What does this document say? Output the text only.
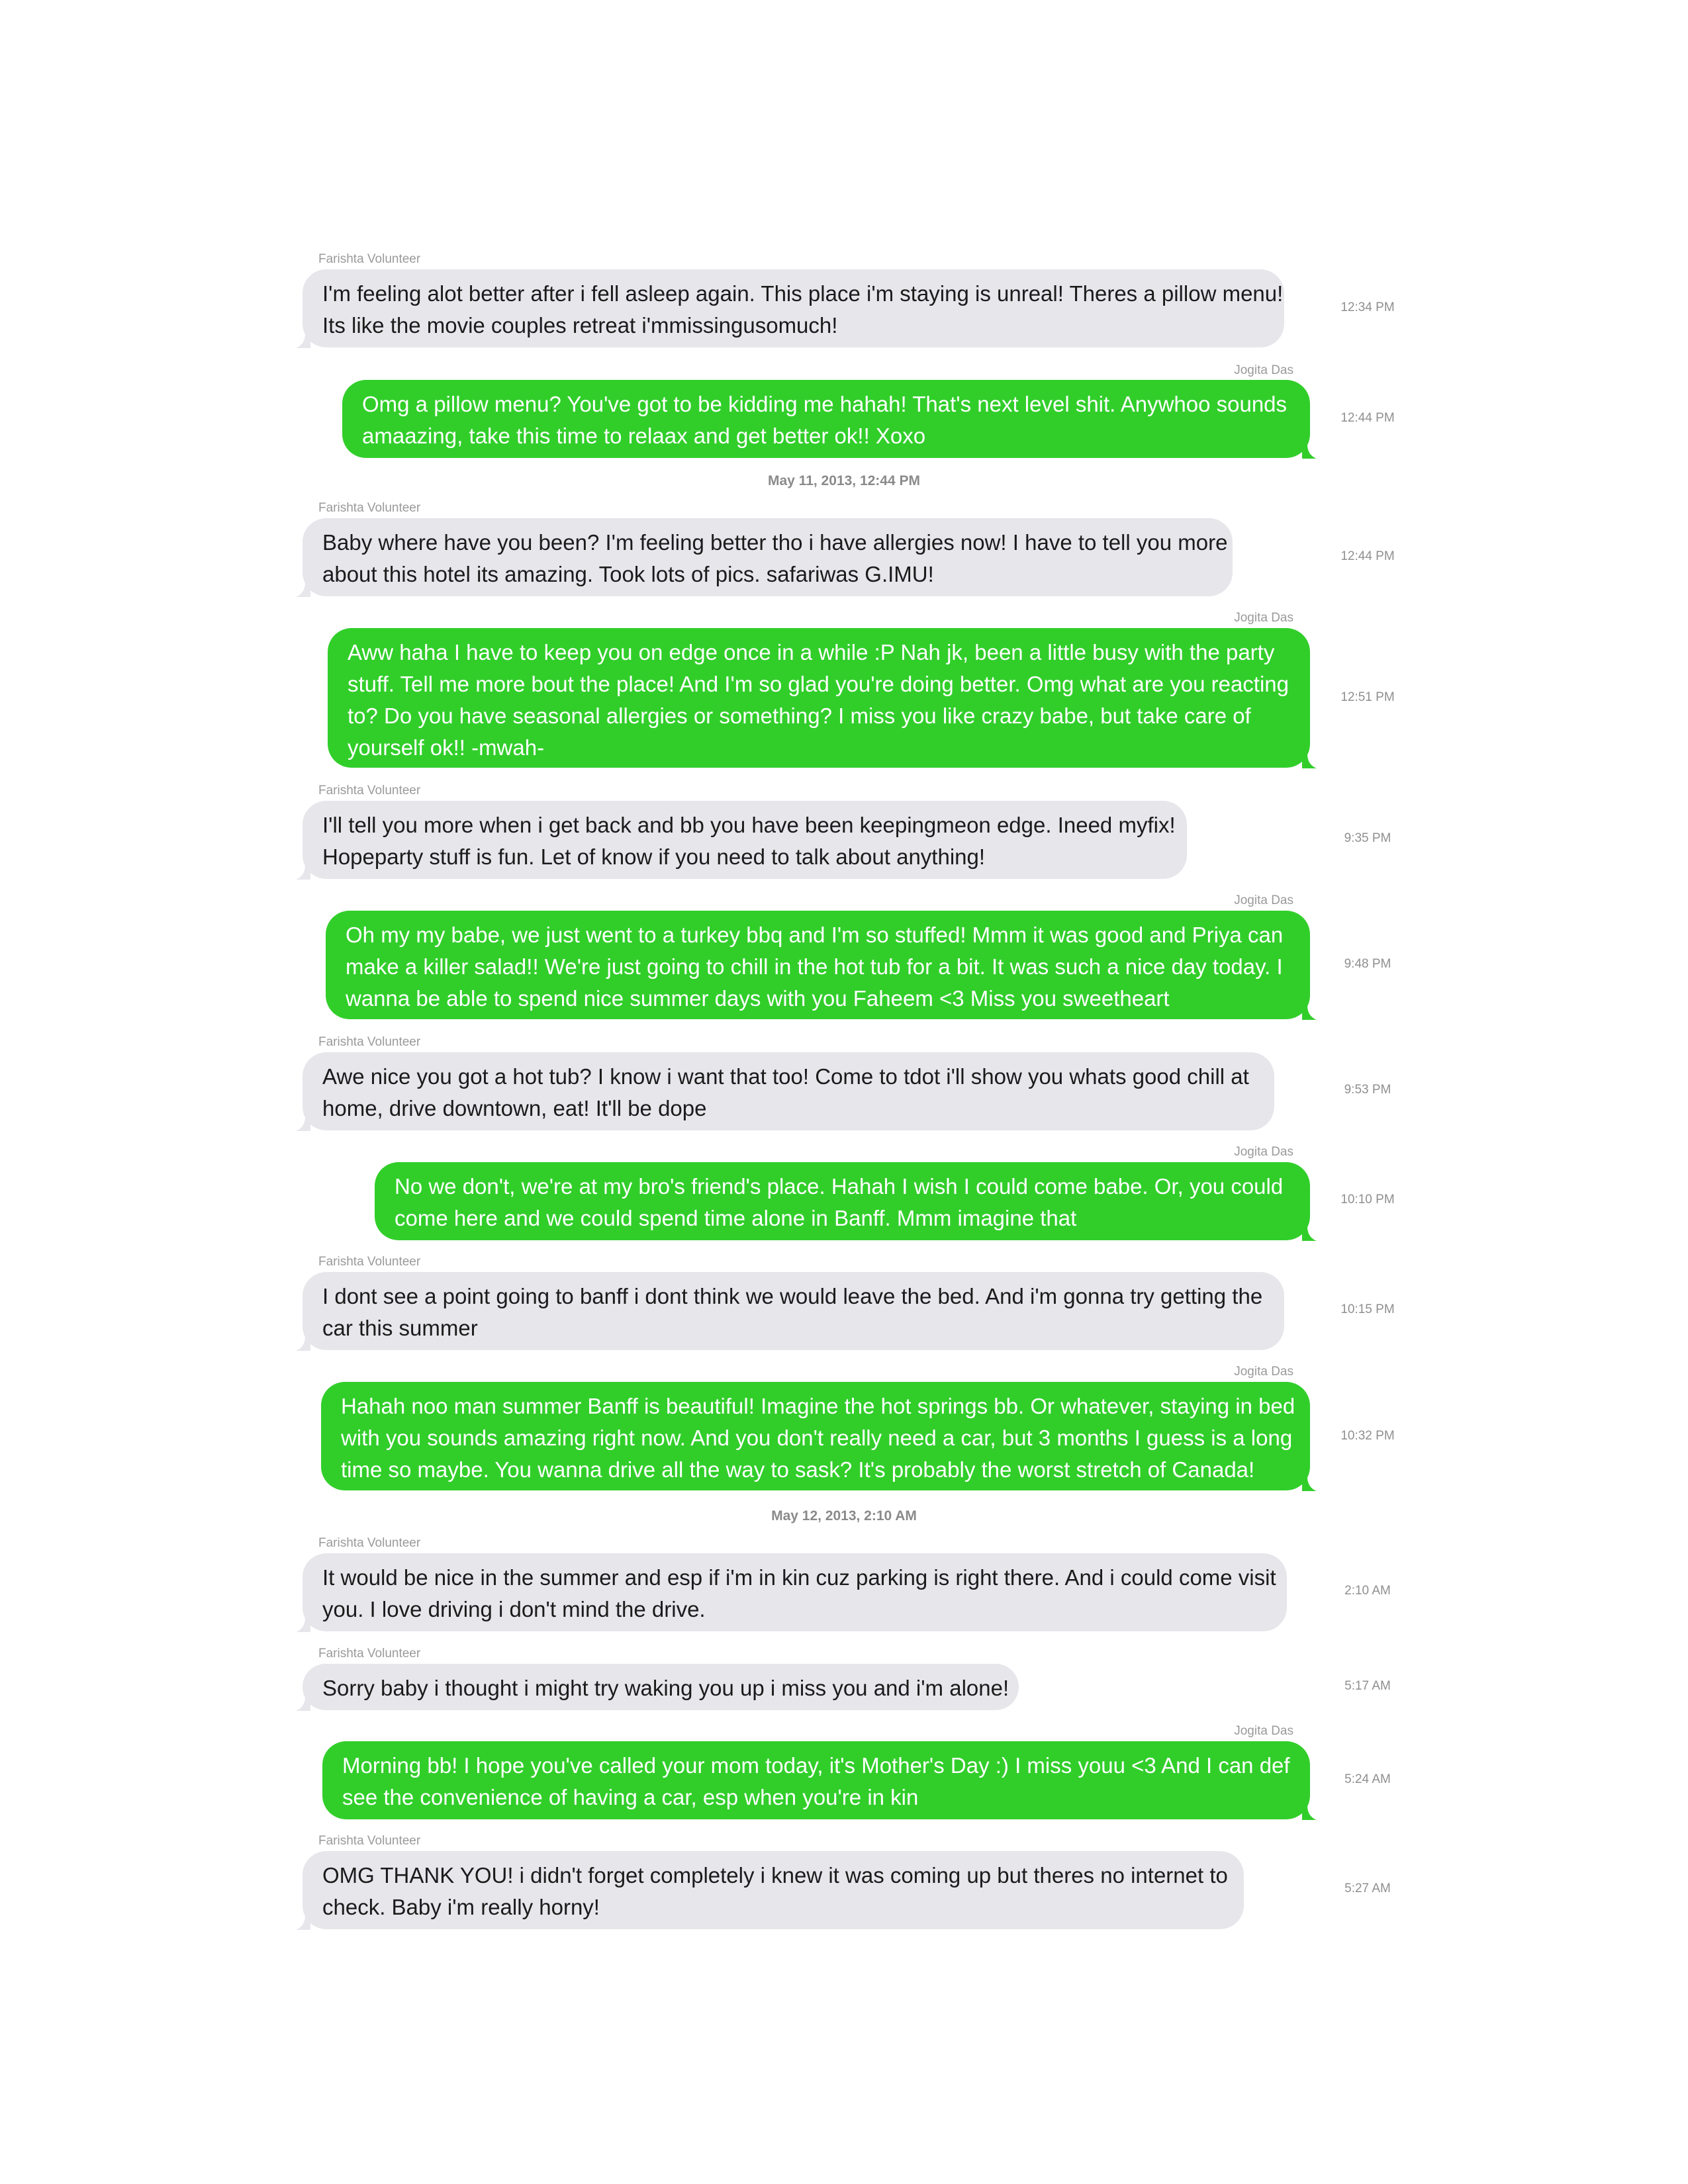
Farishta Volunteer
I'm feeling alot better after i fell asleep again. This place i'm staying is unreal! Theres a pillow menu!
Its like the movie couples retreat i'mmissingusomuch!
12:34 PM
Jogita Das
Omg a pillow menu? You've got to be kidding me hahah! That's next level shit. Anywhoo sounds
amaazing, take this time to relaax and get better ok!! Xoxo
12:44 PM
May 11, 2013, 12:44 PM
Farishta Volunteer
Baby where have you been? I'm feeling better tho i have allergies now! I have to tell you more
about this hotel its amazing. Took lots of pics. safariwas G.IMU!
12:44 PM
Jogita Das
Aww haha I have to keep you on edge once in a while :P Nah jk, been a little busy with the party
stuff. Tell me more bout the place! And I'm so glad you're doing better. Omg what are you reacting
to? Do you have seasonal allergies or something? I miss you like crazy babe, but take care of
yourself ok!! -mwah-
12:51 PM
Farishta Volunteer
I'll tell you more when i get back and bb you have been keepingmeon edge. Ineed myfix!
Hopeparty stuff is fun. Let of know if you need to talk about anything!
9:35 PM
Jogita Das
Oh my my babe, we just went to a turkey bbq and I'm so stuffed! Mmm it was good and Priya can
make a killer salad!! We're just going to chill in the hot tub for a bit. It was such a nice day today. I
wanna be able to spend nice summer days with you Faheem <3 Miss you sweetheart
9:48 PM
Farishta Volunteer
Awe nice you got a hot tub? I know i want that too! Come to tdot i'll show you whats good chill at
home, drive downtown, eat! It'll be dope
9:53 PM
Jogita Das
No we don't, we're at my bro's friend's place. Hahah I wish I could come babe. Or, you could
come here and we could spend time alone in Banff. Mmm imagine that
10:10 PM
Farishta Volunteer
I dont see a point going to banff i dont think we would leave the bed. And i'm gonna try getting the
car this summer
10:15 PM
Jogita Das
Hahah noo man summer Banff is beautiful! Imagine the hot springs bb. Or whatever, staying in bed
with you sounds amazing right now. And you don't really need a car, but 3 months I guess is a long
time so maybe. You wanna drive all the way to sask? It's probably the worst stretch of Canada!
10:32 PM
May 12, 2013, 2:10 AM
Farishta Volunteer
It would be nice in the summer and esp if i'm in kin cuz parking is right there. And i could come visit
you. I love driving i don't mind the drive.
2:10 AM
Farishta Volunteer
Sorry baby i thought i might try waking you up i miss you and i'm alone!	5:17 AM
Jogita Das
Morning bb! I hope you've called your mom today, it's Mother's Day :) I miss youu <3 And I can def
see the convenience of having a car, esp when you're in kin
5:24 AM
Farishta Volunteer
OMG THANK YOU! i didn't forget completely i knew it was coming up but theres no internet to
check. Baby i'm really horny!
5:27 AM
